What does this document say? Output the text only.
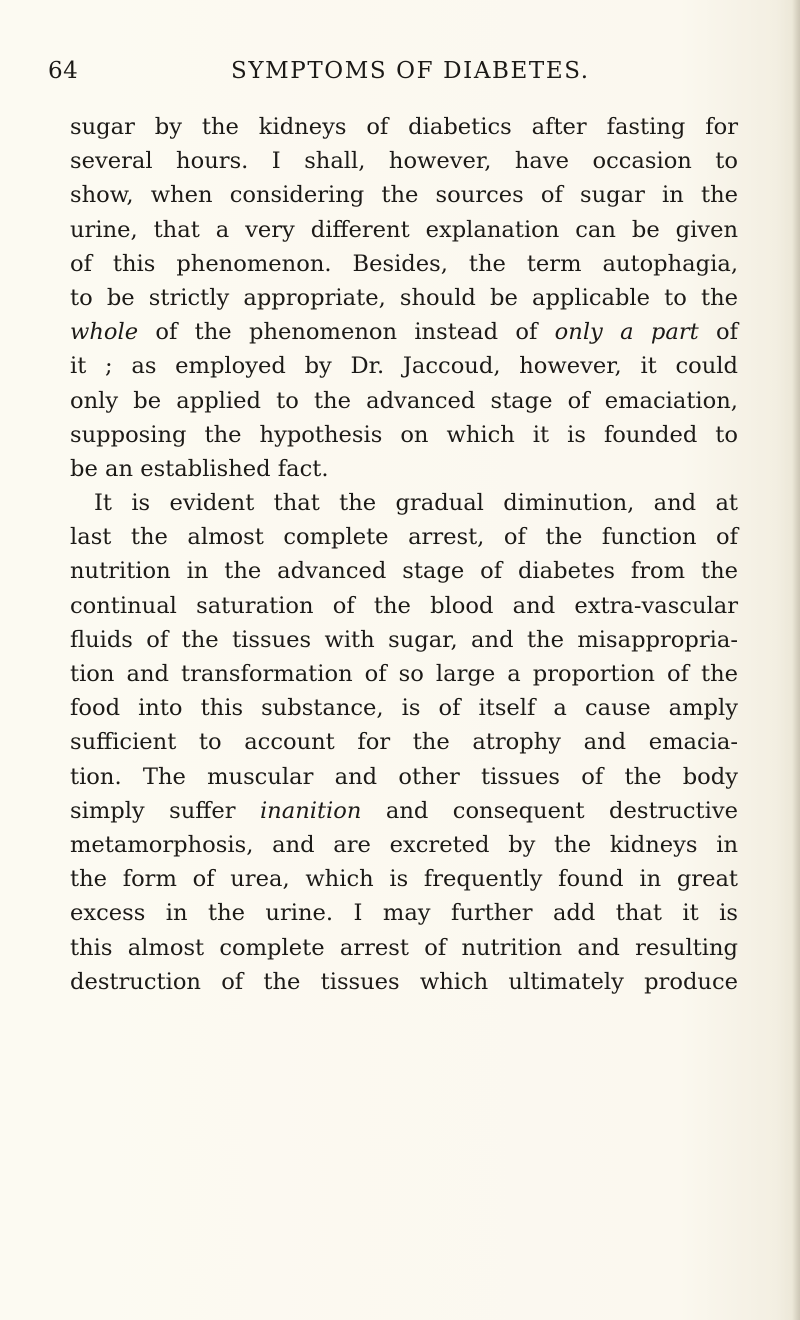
64	SYMPTOMS OF DIABETES.
sugar by the kidneys of diabetics after fasting for
several hours. I shall, however, have occasion to
show, when considering the sources of sugar in the
urine, that a very different explanation can be given
of this phenomenon. Besides, the term autophagia,
to be strictly appropriate, should be applicable to the
whole of the phenomenon instead of only a part of
it ; as employed by Dr. Jaccoud, however, it could
only be applied to the advanced stage of emaciation,
supposing the hypothesis on which it is founded to
be an established fact.
It is evident that the gradual diminution, and at
last the almost complete arrest, of the function of
nutrition in the advanced stage of diabetes from the
continual saturation of the blood and extra-vascular
fluids of the tissues with sugar, and the misappropria-
tion and transformation of so large a proportion of the
food into this substance, is of itself a cause amply
sufficient to account for the atrophy and emacia-
tion. The muscular and other tissues of the body
simply suffer inanition and consequent destructive
metamorphosis, and are excreted by the kidneys in
the form of urea, which is frequently found in great
excess in the urine. I may further add that it is
this almost complete arrest of nutrition and resulting
destruction of the tissues which ultimately produce
